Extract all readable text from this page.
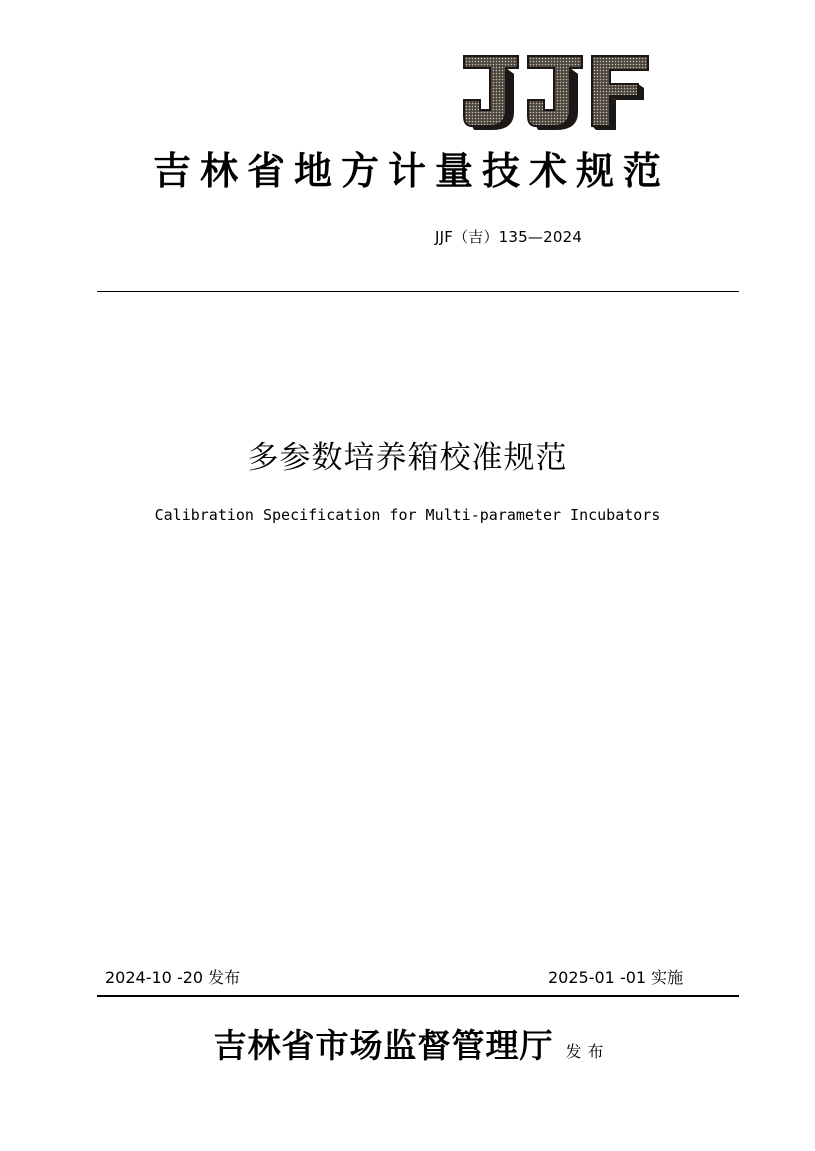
吉林省地方计量技术规范
JJF（吉）135—2024
多参数培养箱校准规范
Calibration Specification for Multi-parameter Incubators
2024-10 -20 发布	2025-01 -01 实施
吉林省市场监督管理厅 发布
